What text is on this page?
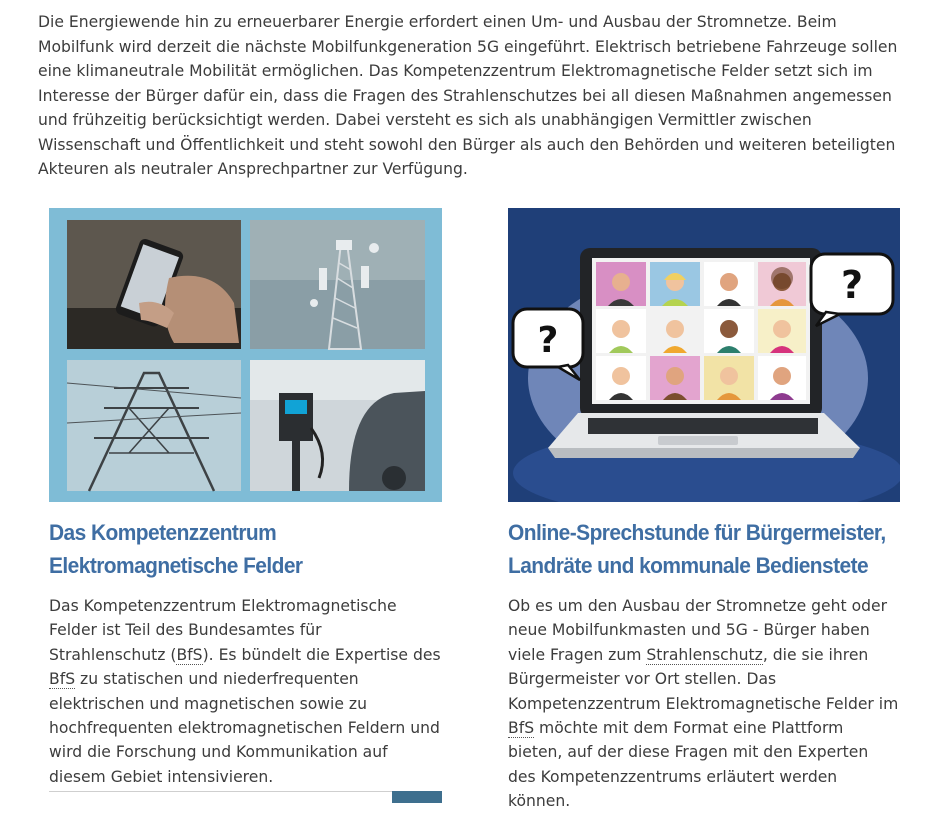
Die Energiewende hin zu erneuerbarer Energie erfordert einen Um- und Ausbau der Stromnetze. Beim Mobilfunk wird derzeit die nächste Mobilfunkgeneration 5G eingeführt. Elektrisch betriebene Fahrzeuge sollen eine klimaneutrale Mobilität ermöglichen. Das Kompetenzzentrum Elektromagnetische Felder setzt sich im Interesse der Bürger dafür ein, dass die Fragen des Strahlenschutzes bei all diesen Maßnahmen angemessen und frühzeitig berücksichtigt werden. Dabei versteht es sich als unabhängigen Vermittler zwischen Wissenschaft und Öffentlichkeit und steht sowohl den Bürger als auch den Behörden und weiteren beteiligten Akteuren als neutraler Ansprechpartner zur Verfügung.

Das Kompetenzzentrum Elektromagnetische Felder

Das Kompetenzzentrum Elektromagnetische Felder ist Teil des Bundesamtes für Strahlenschutz (BfS). Es bündelt die Expertise des BfS zu statischen und niederfrequenten elektrischen und magnetischen sowie zu hochfrequenten elektromagnetischen Feldern und wird die Forschung und Kommunikation auf diesem Gebiet intensivieren.

?
?
Online-Sprechstunde für Bürgermeister, Landräte und kommunale Bedienstete

Ob es um den Ausbau der Stromnetze geht oder neue Mobilfunkmasten und 5G - Bürger haben viele Fragen zum Strahlenschutz, die sie ihren Bürgermeister vor Ort stellen. Das Kompetenzzentrum Elektromagnetische Felder im BfS möchte mit dem Format eine Plattform bieten, auf der diese Fragen mit den Experten des Kompetenzzentrums erläutert werden können.
